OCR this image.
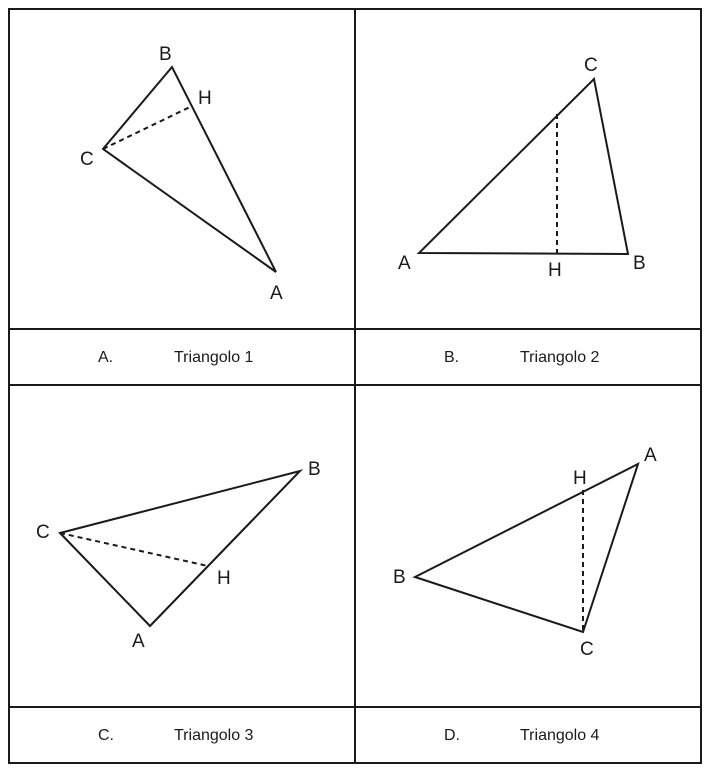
B
H
C
A
C
A	H	B
A.	Triangolo 1	B.	Triangolo 2
B
C
H
A
A
H
B
C
C.	Triangolo 3	D.	Triangolo 4
